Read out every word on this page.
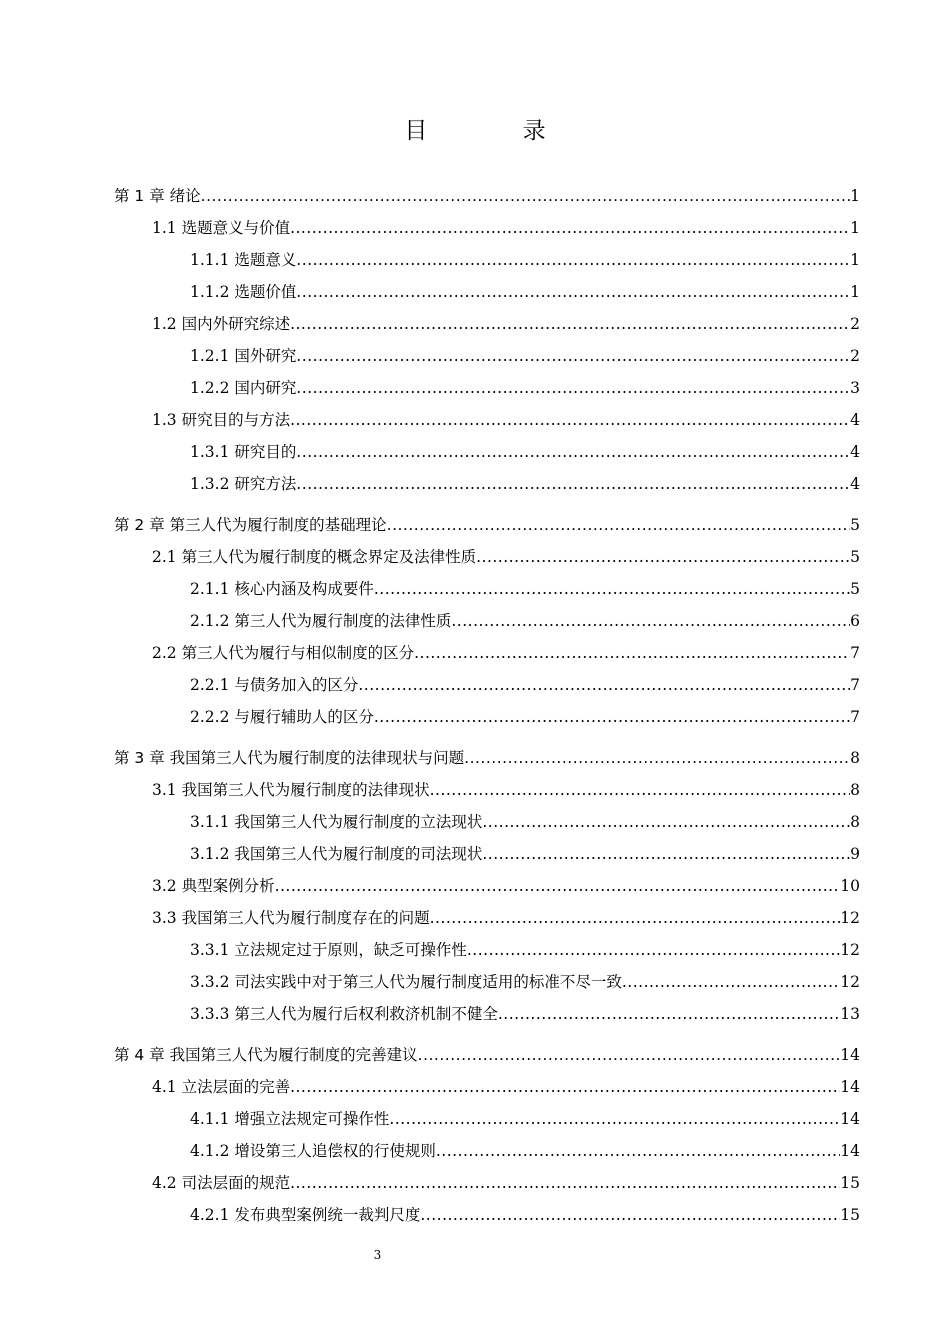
目 录
第 1 章 绪论 .....	1
1.1 选题意义与价值 .....	1
1.1.1 选题意义 .....	1
1.1.2 选题价值 .....	1
1.2 国内外研究综述 .....	2
1.2.1 国外研究 .....	2
1.2.2 国内研究 .....	3
1.3 研究目的与方法 .....	4
1.3.1 研究目的 .....	4
1.3.2 研究方法 .....	4
第 2 章 第三人代为履行制度的基础理论 .....	5
2.1 第三人代为履行制度的概念界定及法律性质 .....	5
2.1.1 核心内涵及构成要件 .....	5
2.1.2 第三人代为履行制度的法律性质 .....	6
2.2 第三人代为履行与相似制度的区分 .....	7
2.2.1 与债务加入的区分 .....	7
2.2.2 与履行辅助人的区分 .....	7
第 3 章 我国第三人代为履行制度的法律现状与问题 .....	8
3.1 我国第三人代为履行制度的法律现状 .....	8
3.1.1 我国第三人代为履行制度的立法现状 .....	8
3.1.2 我国第三人代为履行制度的司法现状 .....	9
3.2 典型案例分析 .....	10
3.3 我国第三人代为履行制度存在的问题 .....	12
3.3.1 立法规定过于原则，缺乏可操作性 .....	12
3.3.2 司法实践中对于第三人代为履行制度适用的标准不尽一致 .....	12
3.3.3 第三人代为履行后权利救济机制不健全 .....	13
第 4 章 我国第三人代为履行制度的完善建议 .....	14
4.1 立法层面的完善 .....	14
4.1.1 增强立法规定可操作性 .....	14
4.1.2 增设第三人追偿权的行使规则 .....	14
4.2 司法层面的规范 .....	15
4.2.1 发布典型案例统一裁判尺度 .....	15
3
